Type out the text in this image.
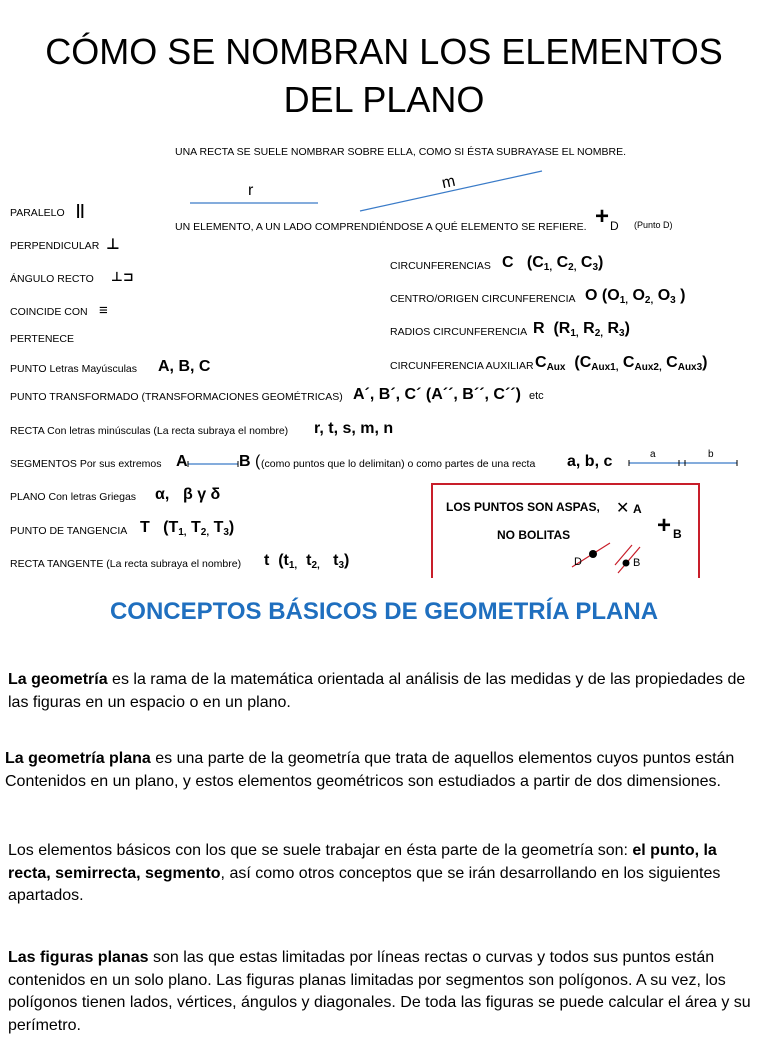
CÓMO SE NOMBRAN LOS ELEMENTOS
DEL PLANO
UNA RECTA SE SUELE NOMBRAR SOBRE ELLA, COMO SI ÉSTA SUBRAYASE EL NOMBRE.
r	m
UN ELEMENTO, A UN LADO COMPRENDIÉNDOSE A QUÉ ELEMENTO SE REFIERE. + D (Punto D)
PARALELO ||
PERPENDICULAR ⊥
ÁNGULO RECTO ⊥⊐
COINCIDE CON ≡
PERTENECE
PUNTO Letras Mayúsculas A, B, C
PUNTO TRANSFORMADO (TRANSFORMACIONES GEOMÉTRICAS) A´, B´, C´ (A´´, B´´, C´´) etc
RECTA Con letras minúsculas (La recta subraya el nombre) r, t, s, m, n
SEGMENTOS Por sus extremos A	B ( (como puntos que lo delimitan) o como partes de una recta a, b, c	a	b
PLANO Con letras Griegas α, β γ δ
PUNTO DE TANGENCIA T ($T_{1,}$ $T_{2,}$ $T_3$)
RECTA TANGENTE (La recta subraya el nombre) t ($t_{1,}$  $t_{2,}$   $t_3$)
CIRCUNFERENCIAS C ($C_{1,}$ $C_{2,}$ $C_3$)
CENTRO/ORIGEN CIRCUNFERENCIA O ($O_{1,}$ $O_{2,}$ $O_3$ )
RADIOS CIRCUNFERENCIA R ($R_{1,}$ $R_{2,}$ $R_3$)
CIRCUNFERENCIA AUXILIAR $C_{Aux}$ ($C_{Aux1,}$ $C_{Aux2,}$ $C_{Aux3}$)
LOS PUNTOS SON ASPAS, ✕ A
NO BOLITAS	+ B
D	B
CONCEPTOS BÁSICOS DE GEOMETRÍA PLANA
La geometría es la rama de la matemática orientada al análisis de las medidas y de las propiedades de las figuras en un espacio o en un plano.
La geometría plana es una parte de la geometría que trata de aquellos elementos cuyos puntos están Contenidos en un plano, y estos elementos geométricos son estudiados a partir de dos dimensiones.
Los elementos básicos con los que se suele trabajar en ésta parte de la geometría son: el punto, la recta, semirrecta, segmento, así como otros conceptos que se irán desarrollando en los siguientes apartados.
Las figuras planas son las que estas limitadas por líneas rectas o curvas y todos sus puntos están contenidos en un solo plano. Las figuras planas limitadas por segmentos son polígonos. A su vez, los polígonos tienen lados, vértices, ángulos y diagonales. De toda las figuras se puede calcular el área y su perímetro.
